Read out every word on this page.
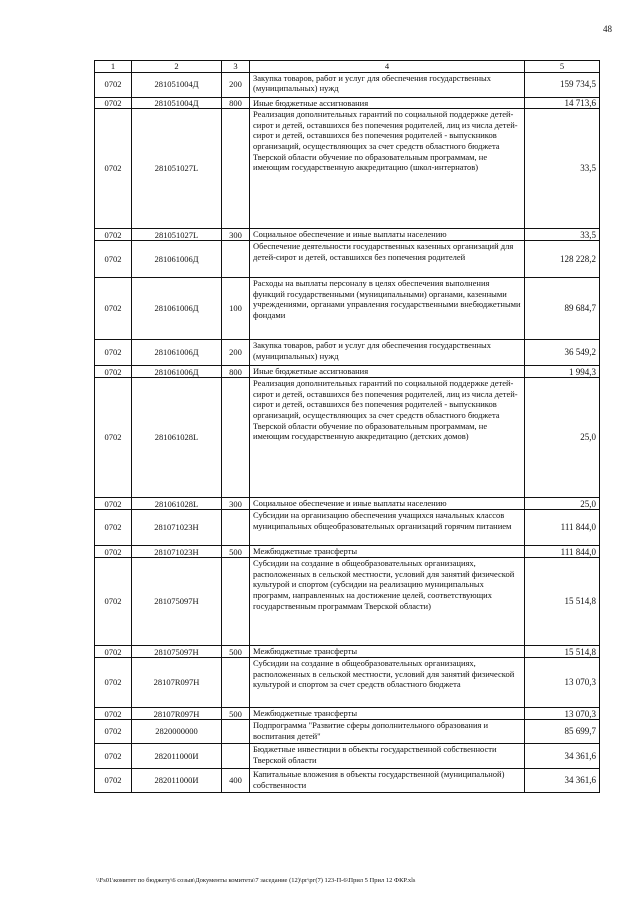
48
1	2	3	4	5
0702	281051004Д	200	Закупка товаров, работ и услуг для обеспечения государственных (муниципальных) нужд	159 734,5
0702	281051004Д	800	Иные бюджетные ассигнования	14 713,6
0702	281051027L		Реализация дополнительных гарантий по социальной поддержке детей-сирот и детей, оставшихся без попечения родителей, лиц из числа детей-сирот и детей, оставшихся без попечения родителей - выпускников организаций, осуществляющих за счет средств областного бюджета Тверской области обучение по образовательным программам, не имеющим государственную аккредитацию (школ-интернатов)	33,5
0702	281051027L	300	Социальное обеспечение и иные выплаты населению	33,5
0702	281061006Д		Обеспечение деятельности государственных казенных организаций для детей-сирот и детей, оставшихся без попечения родителей	128 228,2
0702	281061006Д	100	Расходы на выплаты персоналу в целях обеспечения выполнения функций государственными (муниципальными) органами, казенными учреждениями, органами управления государственными внебюджетными фондами	89 684,7
0702	281061006Д	200	Закупка товаров, работ и услуг для обеспечения государственных (муниципальных) нужд	36 549,2
0702	281061006Д	800	Иные бюджетные ассигнования	1 994,3
0702	281061028L		Реализация дополнительных гарантий по социальной поддержке детей-сирот и детей, оставшихся без попечения родителей, лиц из числа детей-сирот и детей, оставшихся без попечения родителей - выпускников организаций, осуществляющих за счет средств областного бюджета Тверской области обучение по образовательным программам, не имеющим государственную аккредитацию (детских домов)	25,0
0702	281061028L	300	Социальное обеспечение и иные выплаты населению	25,0
0702	281071023Н		Субсидии на организацию обеспечения учащихся начальных классов муниципальных общеобразовательных организаций горячим питанием	111 844,0
0702	281071023Н	500	Межбюджетные трансферты	111 844,0
0702	281075097Н		Субсидии на создание в общеобразовательных организациях, расположенных в сельской местности, условий для занятий физической культурой и спортом (субсидии на реализацию муниципальных программ, направленных на достижение целей, соответствующих государственным программам Тверской области)	15 514,8
0702	281075097Н	500	Межбюджетные трансферты	15 514,8
0702	28107R097Н		Субсидии на создание в общеобразовательных организациях, расположенных в сельской местности, условий для занятий физической культурой и спортом за счет средств областного бюджета	13 070,3
0702	28107R097Н	500	Межбюджетные трансферты	13 070,3
0702	2820000000		Подпрограмма "Развитие сферы дополнительного образования и воспитания детей"	85 699,7
0702	282011000И		Бюджетные инвестиции в объекты государственной собственности Тверской области	34 361,6
0702	282011000И	400	Капитальные вложения в объекты государственной (муниципальной) собственности	34 361,6
\\Fs01\комитет по бюджету\6 созыв\Документы комитета\7 заседание (12)\рг\рг(7) 123-П-6\Прил 5 Прил 12 ФКР.xls
